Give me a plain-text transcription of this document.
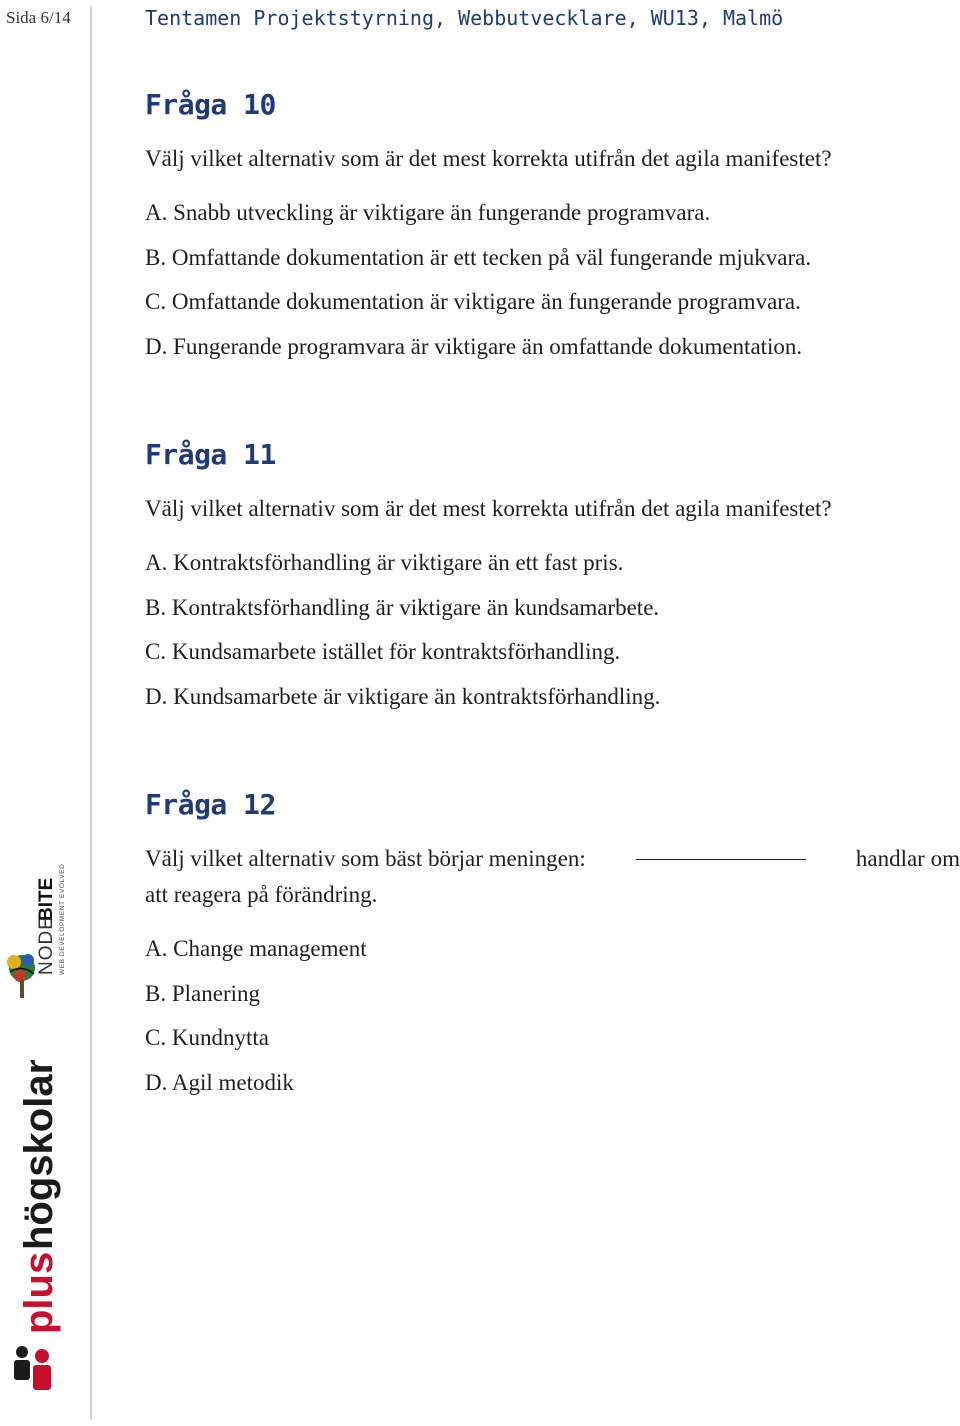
Sida 6/14	Tentamen Projektstyrning, Webbutvecklare, WU13, Malmö
Fråga 10

Välj vilket alternativ som är det mest korrekta utifrån det agila manifestet?

A. Snabb utveckling är viktigare än fungerande programvara.
B. Omfattande dokumentation är ett tecken på väl fungerande mjukvara.
C. Omfattande dokumentation är viktigare än fungerande programvara.
D. Fungerande programvara är viktigare än omfattande dokumentation.
Fråga 11

Välj vilket alternativ som är det mest korrekta utifrån det agila manifestet?

A. Kontraktsförhandling är viktigare än ett fast pris.
B. Kontraktsförhandling är viktigare än kundsamarbete.
C. Kundsamarbete istället för kontraktsförhandling.
D. Kundsamarbete är viktigare än kontraktsförhandling.
Fråga 12
Välj vilket alternativ som bäst börjar meningen:	handlar om
att reagera på förändring.
A. Change management
B. Planering
C. Kundnytta
D. Agil metodik
NODE
BITE WEB DEVELOPMENT EVOLVED
plus
högskolan
